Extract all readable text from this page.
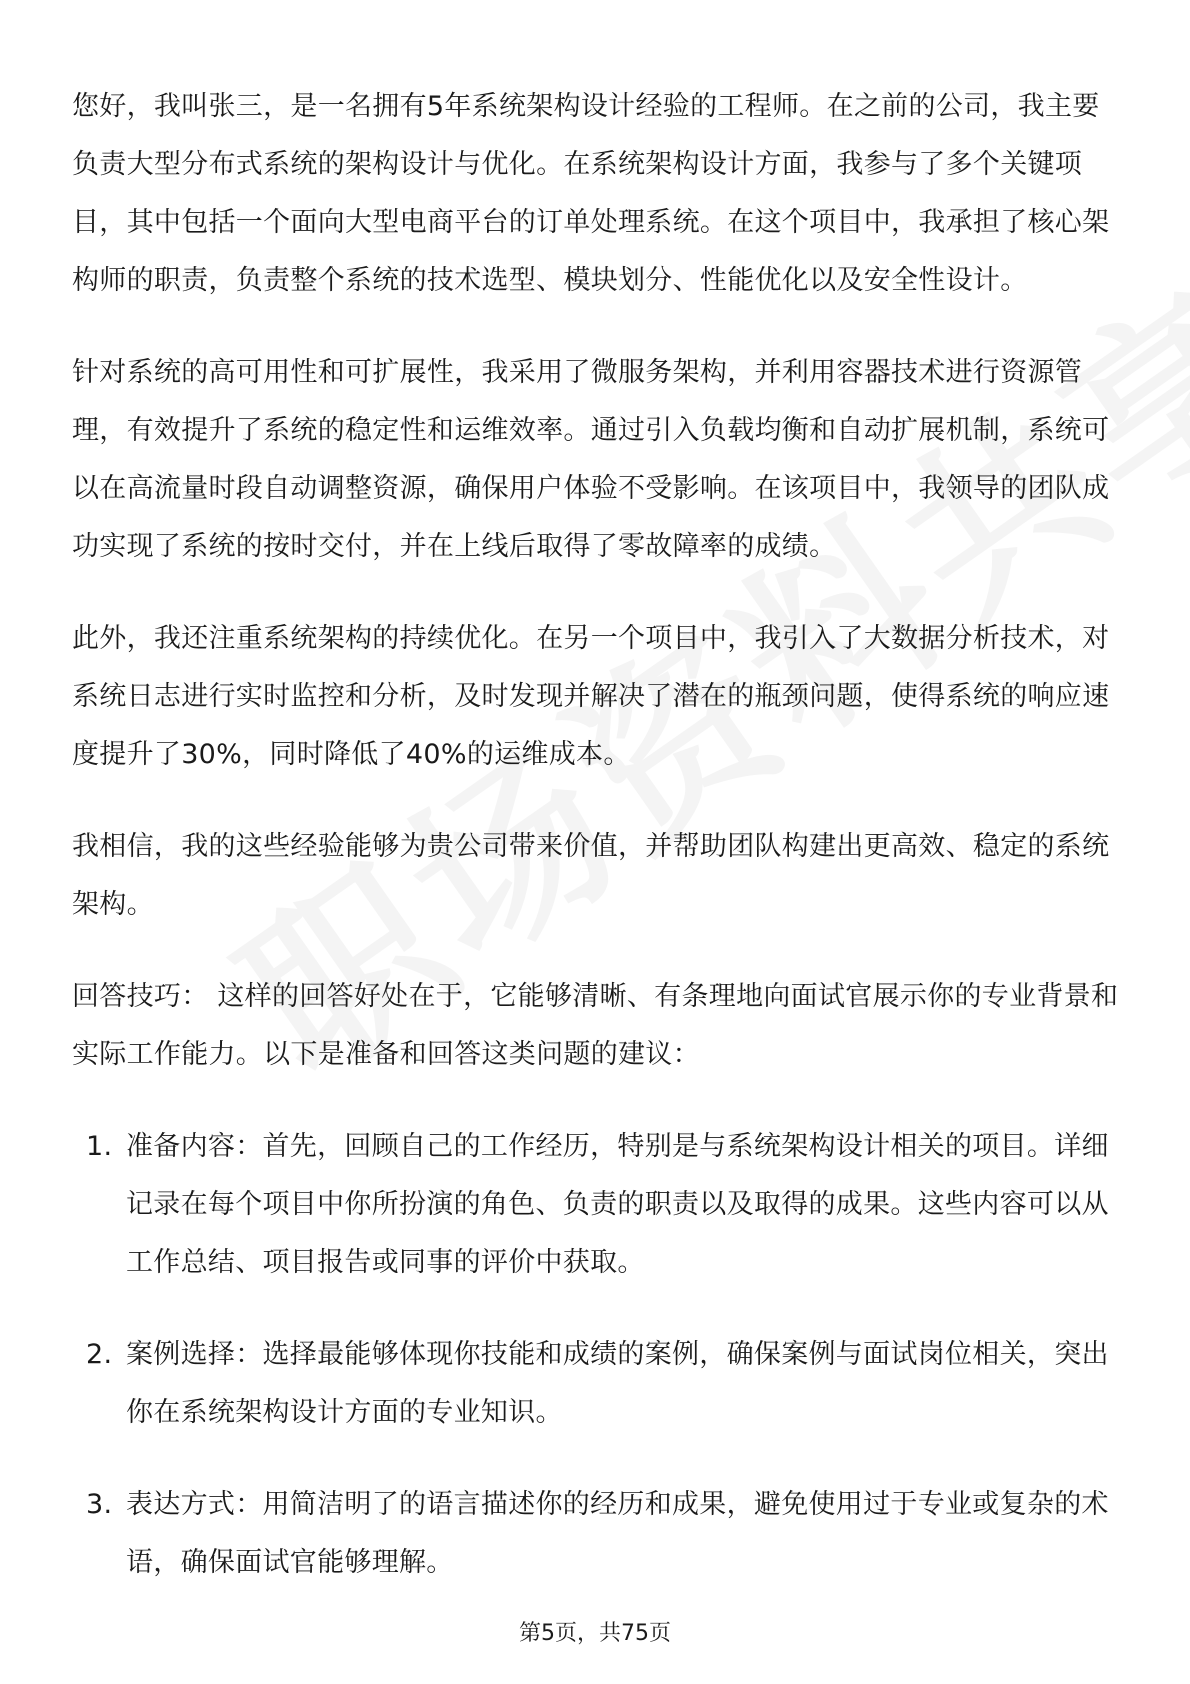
您好，我叫张三，是一名拥有5年系统架构设计经验的工程师。在之前的公司，我主要负责大型分布式系统的架构设计与优化。在系统架构设计方面，我参与了多个关键项目，其中包括一个面向大型电商平台的订单处理系统。在这个项目中，我承担了核心架构师的职责，负责整个系统的技术选型、模块划分、性能优化以及安全性设计。

针对系统的高可用性和可扩展性，我采用了微服务架构，并利用容器技术进行资源管理，有效提升了系统的稳定性和运维效率。通过引入负载均衡和自动扩展机制，系统可以在高流量时段自动调整资源，确保用户体验不受影响。在该项目中，我领导的团队成功实现了系统的按时交付，并在上线后取得了零故障率的成绩。

此外，我还注重系统架构的持续优化。在另一个项目中，我引入了大数据分析技术，对系统日志进行实时监控和分析，及时发现并解决了潜在的瓶颈问题，使得系统的响应速度提升了30%，同时降低了40%的运维成本。

我相信，我的这些经验能够为贵公司带来价值，并帮助团队构建出更高效、稳定的系统架构。

回答技巧： 这样的回答好处在于，它能够清晰、有条理地向面试官展示你的专业背景和实际工作能力。以下是准备和回答这类问题的建议：

1. 准备内容：首先，回顾自己的工作经历，特别是与系统架构设计相关的项目。详细记录在每个项目中你所扮演的角色、负责的职责以及取得的成果。这些内容可以从工作总结、项目报告或同事的评价中获取。
2. 案例选择：选择最能够体现你技能和成绩的案例，确保案例与面试岗位相关，突出你在系统架构设计方面的专业知识。
3. 表达方式：用简洁明了的语言描述你的经历和成果，避免使用过于专业或复杂的术语，确保面试官能够理解。
第5页，共75页
